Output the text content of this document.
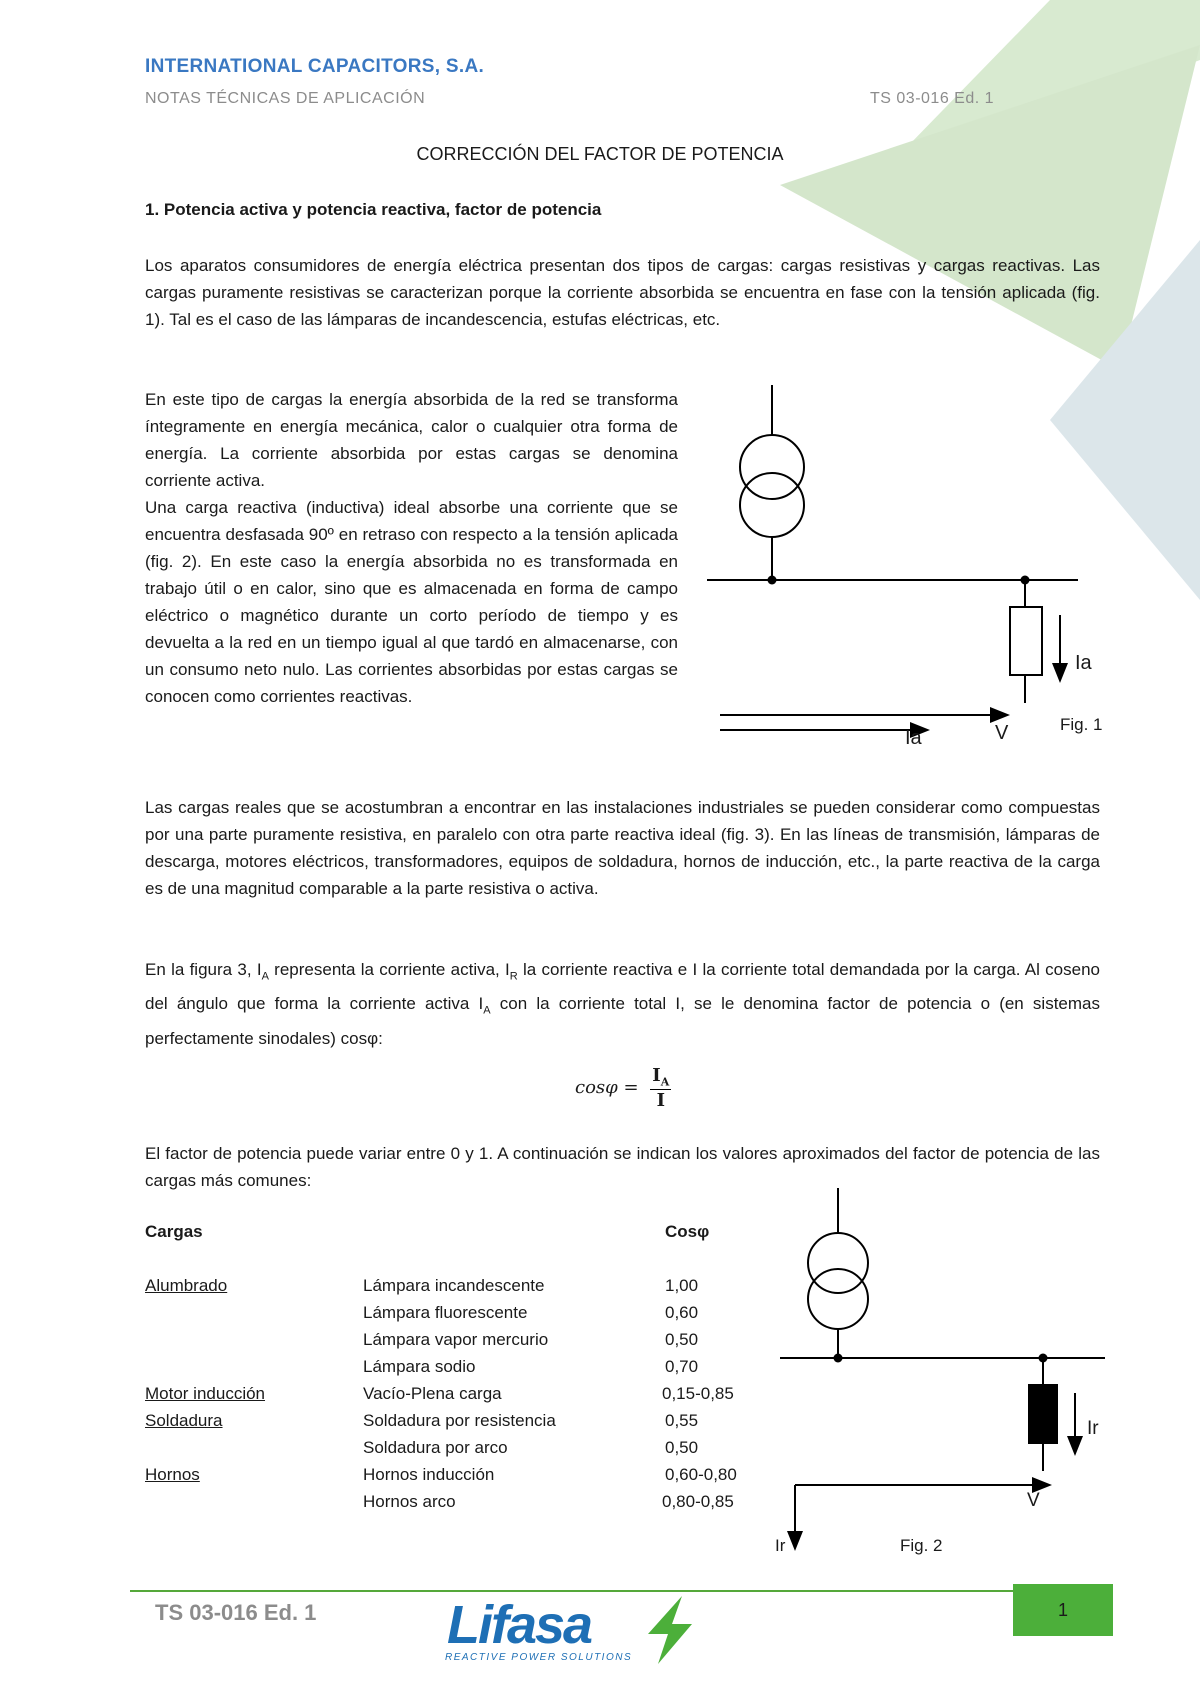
INTERNATIONAL CAPACITORS, S.A.
NOTAS TÉCNICAS DE APLICACIÓN	TS 03-016 Ed. 1
CORRECCIÓN DEL FACTOR DE POTENCIA
1. Potencia activa y potencia reactiva, factor de potencia
Los aparatos consumidores de energía eléctrica presentan dos tipos de cargas: cargas resistivas y cargas reactivas. Las cargas puramente resistivas se caracterizan porque la corriente absorbida se encuentra en fase con la tensión aplicada (fig. 1). Tal es el caso de las lámparas de incandescencia, estufas eléctricas, etc.
En este tipo de cargas la energía absorbida de la red se transforma íntegramente en energía mecánica, calor o cualquier otra forma de energía. La corriente absorbida por estas cargas se denomina corriente activa.
Una carga reactiva (inductiva) ideal absorbe una corriente que se encuentra desfasada 90º en retraso con respecto a la tensión aplicada (fig. 2). En este caso la energía absorbida no es transformada en trabajo útil o en calor, sino que es almacenada en forma de campo eléctrico o magnético durante un corto período de tiempo y es devuelta a la red en un tiempo igual al que tardó en almacenarse, con un consumo neto nulo. Las corrientes absorbidas por estas cargas se conocen como corrientes reactivas.
Ia
Ia	V	Fig. 1
Las cargas reales que se acostumbran a encontrar en las instalaciones industriales se pueden considerar como compuestas por una parte puramente resistiva, en paralelo con otra parte reactiva ideal (fig. 3). En las líneas de transmisión, lámparas de descarga, motores eléctricos, transformadores, equipos de soldadura, hornos de inducción, etc., la parte reactiva de la carga es de una magnitud comparable a la parte resistiva o activa.
En la figura 3, $I_A$ representa la corriente activa, $I_R$ la corriente reactiva e I la corriente total demandada por la carga. Al coseno del ángulo que forma la corriente activa $I_A$ con la corriente total I, se le denomina factor de potencia o (en sistemas perfectamente sinodales) cosφ:
$\cos\varphi = \frac{I_A}{I}$
El factor de potencia puede variar entre 0 y 1. A continuación se indican los valores aproximados del factor de potencia de las cargas más comunes:
Cargas	Cosφ
Alumbrado	Lámpara incandescente	1,00
Lámpara fluorescente	0,60
Lámpara vapor mercurio	0,50
Lámpara sodio	0,70
Motor inducción	Vacío-Plena carga	0,15-0,85
Soldadura	Soldadura por resistencia	0,55
Soldadura por arco	0,50
Hornos	Hornos inducción	0,60-0,80
Hornos arco	0,80-0,85
Ir
V
Ir	Fig. 2
TS 03-016 Ed. 1	1
Lifasa
REACTIVE POWER SOLUTIONS
